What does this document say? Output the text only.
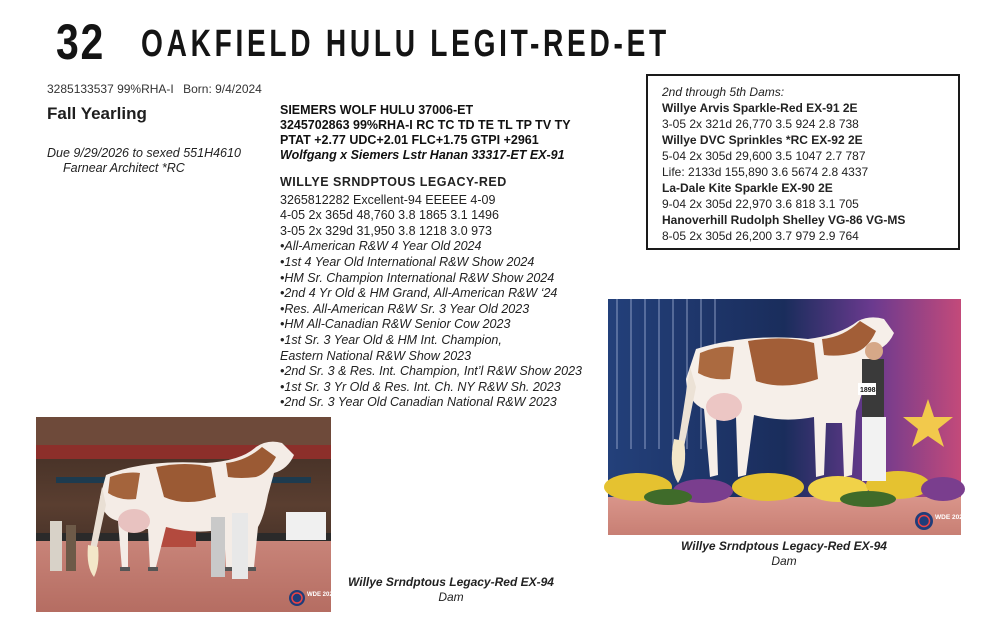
32 OAKFIELD HULU LEGIT-RED-ET
3285133537 99%RHA-I Born: 9/4/2024
Fall Yearling
Due 9/29/2026 to sexed 551H4610
Farnear Architect *RC
SIEMERS WOLF HULU 37006-ET
3245702863 99%RHA-I RC TC TD TE TL TP TV TY
PTAT +2.77 UDC+2.01 FLC+1.75 GTPI +2961
Wolfgang x Siemers Lstr Hanan 33317-ET EX-91
WILLYE SRNDPTOUS LEGACY-RED
3265812282 Excellent-94 EEEEE 4-09
4-05 2x 365d 48,760 3.8 1865 3.1 1496
3-05 2x 329d 31,950 3.8 1218 3.0 973
•All-American R&W 4 Year Old 2024
•1st 4 Year Old International R&W Show 2024
•HM Sr. Champion International R&W Show 2024
•2nd 4 Yr Old & HM Grand, All-American R&W ‘24
•Res. All-American R&W Sr. 3 Year Old 2023
•HM All-Canadian R&W Senior Cow 2023
•1st Sr. 3 Year Old & HM Int. Champion,
Eastern National R&W Show 2023
•2nd Sr. 3 & Res. Int. Champion, Int’l R&W Show 2023
•1st Sr. 3 Yr Old & Res. Int. Ch. NY R&W Sh. 2023
•2nd Sr. 3 Year Old Canadian National R&W 2023
2nd through 5th Dams:
Willye Arvis Sparkle-Red EX-91 2E
3-05 2x 321d 26,770 3.5 924 2.8 738
Willye DVC Sprinkles *RC EX-92 2E
5-04 2x 305d 29,600 3.5 1047 2.7 787
Life: 2133d 155,890 3.6 5674 2.8 4337
La-Dale Kite Sparkle EX-90 2E
9-04 2x 305d 22,970 3.6 818 3.1 705
Hanoverhill Rudolph Shelley VG-86 VG-MS
8-05 2x 305d 26,200 3.7 979 2.9 764
WDE 2026
1898
WDE 2026
Willye Srndptous Legacy-Red EX-94
Dam
Willye Srndptous Legacy-Red EX-94
Dam
